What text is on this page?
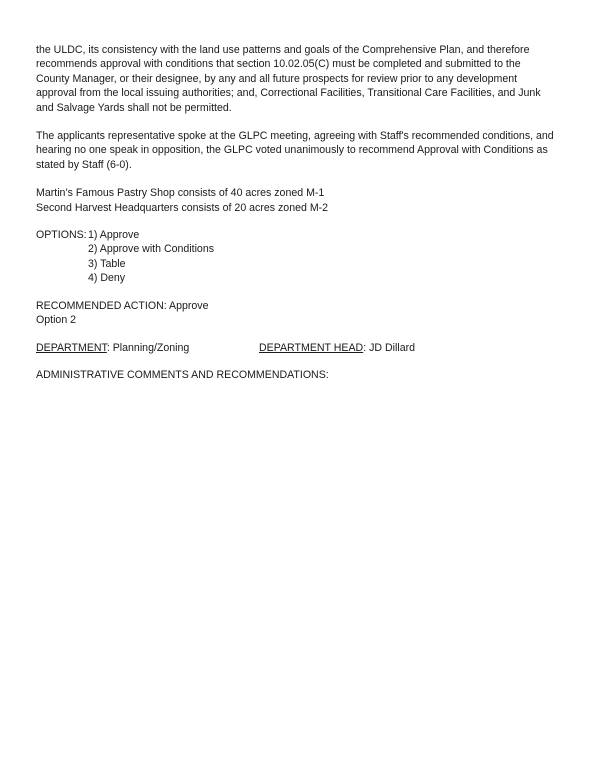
the ULDC, its consistency with the land use patterns and goals of the Comprehensive Plan, and therefore

recommends approval with conditions that section 10.02.05(C) must be completed and submitted to the

County Manager, or their designee, by any and all future prospects for review prior to any development

approval from the local issuing authorities; and, Correctional Facilities, Transitional Care Facilities, and Junk

and Salvage Yards shall not be permitted.

The applicants representative spoke at the GLPC meeting, agreeing with Staff's recommended conditions, and

hearing no one speak in opposition, the GLPC voted unanimously to recommend Approval with Conditions as

stated by Staff (6-0).

Martin’s Famous Pastry Shop consists of 40 acres zoned M-1

Second Harvest Headquarters consists of 20 acres zoned M-2

OPTIONS: 1) Approve
2) Approve with Conditions
3) Table
4) Deny

RECOMMENDED ACTION: Approve

Option 2

DEPARTMENT: Planning/Zoning	DEPARTMENT HEAD: JD Dillard

ADMINISTRATIVE COMMENTS AND RECOMMENDATIONS:
